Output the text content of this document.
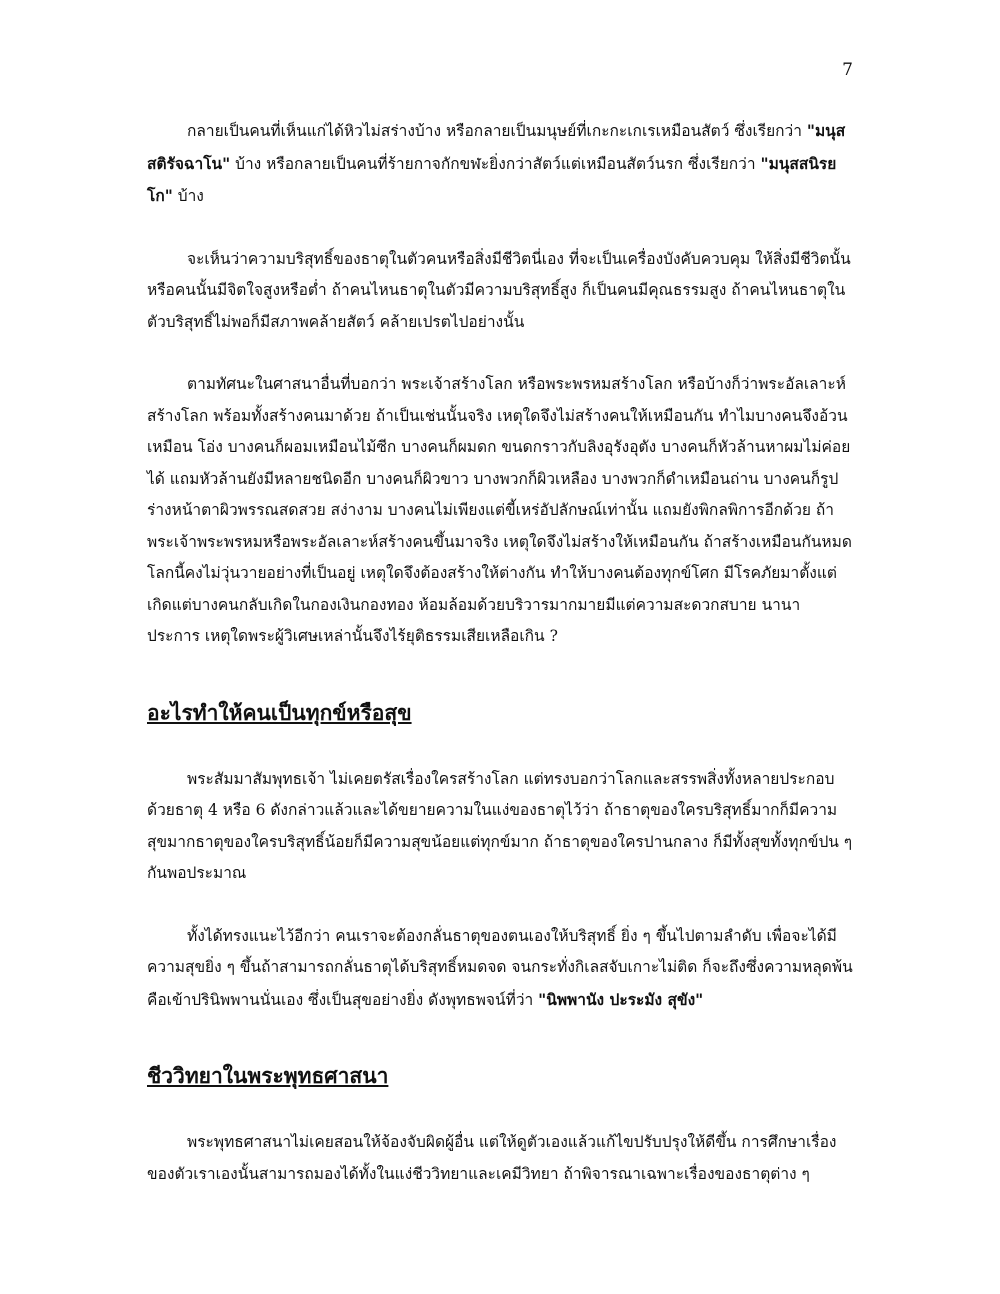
7

กลายเป็นคนที่เห็นแก่ได้หิวไม่สร่างบ้าง หรือกลายเป็นมนุษย์ที่เกะกะเกเรเหมือนสัตว์ ซึ่งเรียกว่า "มนุสสติรัจฉาโน" บ้าง หรือกลายเป็นคนที่ร้ายกาจกักขฬะยิ่งกว่าสัตว์แต่เหมือนสัตว์นรก ซึ่งเรียกว่า "มนุสสนิรยโก" บ้าง

จะเห็นว่าความบริสุทธิ์ของธาตุในตัวคนหรือสิ่งมีชีวิตนี่เอง ที่จะเป็นเครื่องบังคับควบคุม ให้สิ่งมีชีวิตนั้นหรือคนนั้นมีจิตใจสูงหรือต่ำ ถ้าคนไหนธาตุในตัวมีความบริสุทธิ์สูง ก็เป็นคนมีคุณธรรมสูง ถ้าคนไหนธาตุในตัวบริสุทธิ์ไม่พอก็มีสภาพคล้ายสัตว์ คล้ายเปรตไปอย่างนั้น

ตามทัศนะในศาสนาอื่นที่บอกว่า พระเจ้าสร้างโลก หรือพระพรหมสร้างโลก หรือบ้างก็ว่าพระอัลเลาะห์สร้างโลก พร้อมทั้งสร้างคนมาด้วย ถ้าเป็นเช่นนั้นจริง เหตุใดจึงไม่สร้างคนให้เหมือนกัน ทำไมบางคนจึงอ้วนเหมือน โอ่ง บางคนก็ผอมเหมือนไม้ซีก บางคนก็ผมดก ขนดกราวกับลิงอุรังอุตัง บางคนก็หัวล้านหาผมไม่ค่อยได้ แถมหัวล้านยังมีหลายชนิดอีก บางคนก็ผิวขาว บางพวกก็ผิวเหลือง บางพวกก็ดำเหมือนถ่าน บางคนก็รูปร่างหน้าตาผิวพรรณสดสวย สง่างาม บางคนไม่เพียงแต่ขี้เหร่อัปลักษณ์เท่านั้น แถมยังพิกลพิการอีกด้วย ถ้าพระเจ้าพระพรหมหรือพระอัลเลาะห์สร้างคนขึ้นมาจริง เหตุใดจึงไม่สร้างให้เหมือนกัน ถ้าสร้างเหมือนกันหมด โลกนี้คงไม่วุ่นวายอย่างที่เป็นอยู่ เหตุใดจึงต้องสร้างให้ต่างกัน ทำให้บางคนต้องทุกข์โศก มีโรคภัยมาตั้งแต่เกิดแต่บางคนกลับเกิดในกองเงินกองทอง ห้อมล้อมด้วยบริวารมากมายมีแต่ความสะดวกสบาย นานาประการ เหตุใดพระผู้วิเศษเหล่านั้นจึงไร้ยุติธรรมเสียเหลือเกิน ?

อะไรทำให้คนเป็นทุกข์หรือสุข

พระสัมมาสัมพุทธเจ้า ไม่เคยตรัสเรื่องใครสร้างโลก แต่ทรงบอกว่าโลกและสรรพสิ่งทั้งหลายประกอบด้วยธาตุ 4 หรือ 6 ดังกล่าวแล้วและได้ขยายความในแง่ของธาตุไว้ว่า ถ้าธาตุของใครบริสุทธิ์มากก็มีความสุขมากธาตุของใครบริสุทธิ์น้อยก็มีความสุขน้อยแต่ทุกข์มาก ถ้าธาตุของใครปานกลาง ก็มีทั้งสุขทั้งทุกข์ปน ๆ กันพอประมาณ

ทั้งได้ทรงแนะไว้อีกว่า คนเราจะต้องกลั่นธาตุของตนเองให้บริสุทธิ์ ยิ่ง ๆ ขึ้นไปตามลำดับ เพื่อจะได้มีความสุขยิ่ง ๆ ขึ้นถ้าสามารถกลั่นธาตุได้บริสุทธิ์หมดจด จนกระทั่งกิเลสจับเกาะไม่ติด ก็จะถึงซึ่งความหลุดพ้นคือเข้าปรินิพพานนั่นเอง ซึ่งเป็นสุขอย่างยิ่ง ดังพุทธพจน์ที่ว่า "นิพพานัง ปะระมัง สุขัง"

ชีววิทยาในพระพุทธศาสนา

พระพุทธศาสนาไม่เคยสอนให้จ้องจับผิดผู้อื่น แต่ให้ดูตัวเองแล้วแก้ไขปรับปรุงให้ดีขึ้น การศึกษาเรื่องของตัวเราเองนั้นสามารถมองได้ทั้งในแง่ชีววิทยาและเคมีวิทยา ถ้าพิจารณาเฉพาะเรื่องของธาตุต่าง ๆ
